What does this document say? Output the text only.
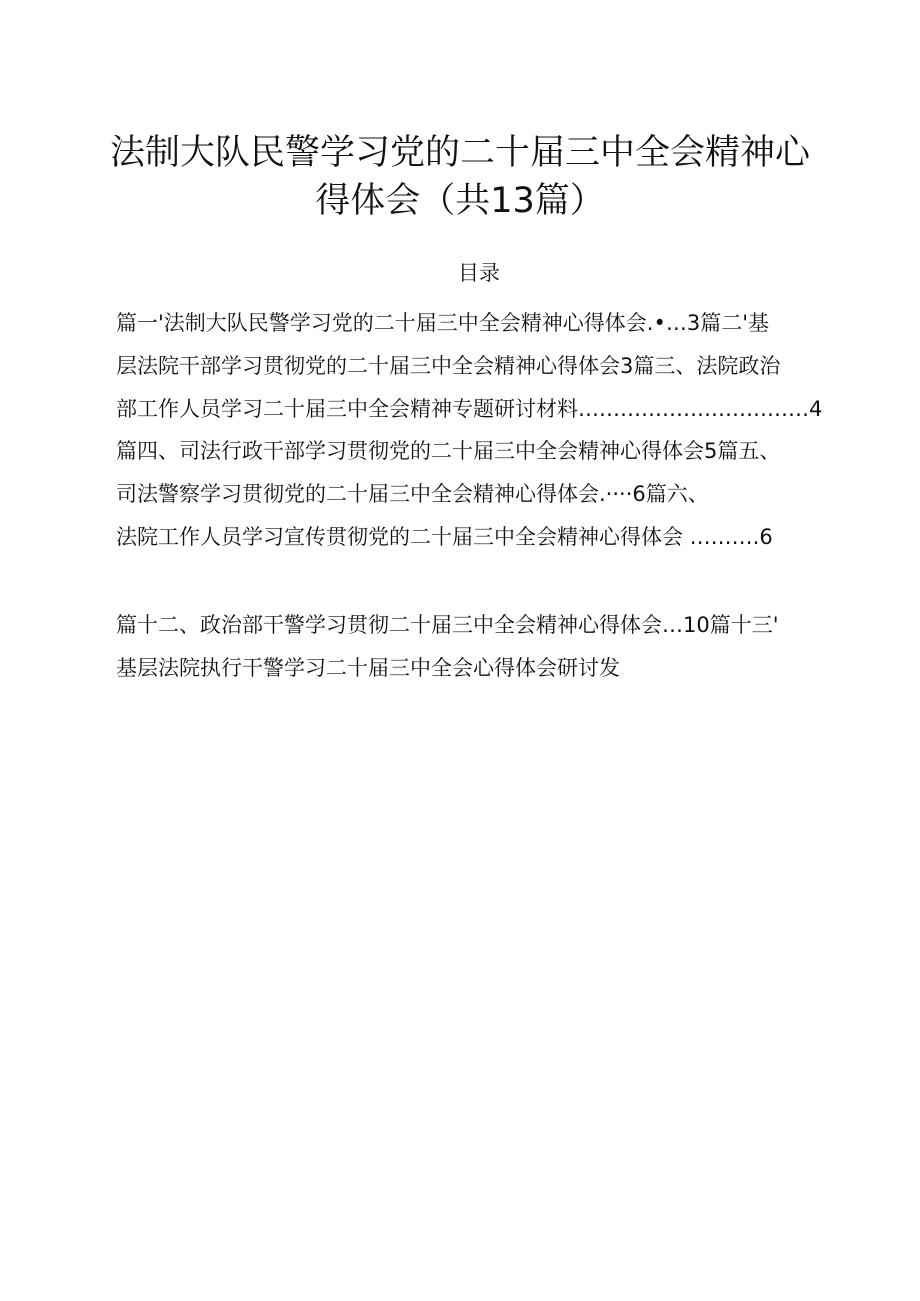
法制大队民警学习党的二十届三中全会精神心
得体会（共13篇）
目录
篇一'法制大队民警学习党的二十届三中全会精神心得体会.•…3篇二'基
层法院干部学习贯彻党的二十届三中全会精神心得体会3篇三、法院政治
部工作人员学习二十届三中全会精神专题研讨材料……………………………4
篇四、司法行政干部学习贯彻党的二十届三中全会精神心得体会5篇五、
司法警察学习贯彻党的二十届三中全会精神心得体会.····6篇六、
法院工作人员学习宣传贯彻党的二十届三中全会精神心得体会 ……….6
篇十二、政治部干警学习贯彻二十届三中全会精神心得体会…10篇十三'
基层法院执行干警学习二十届三中全会心得体会研讨发
